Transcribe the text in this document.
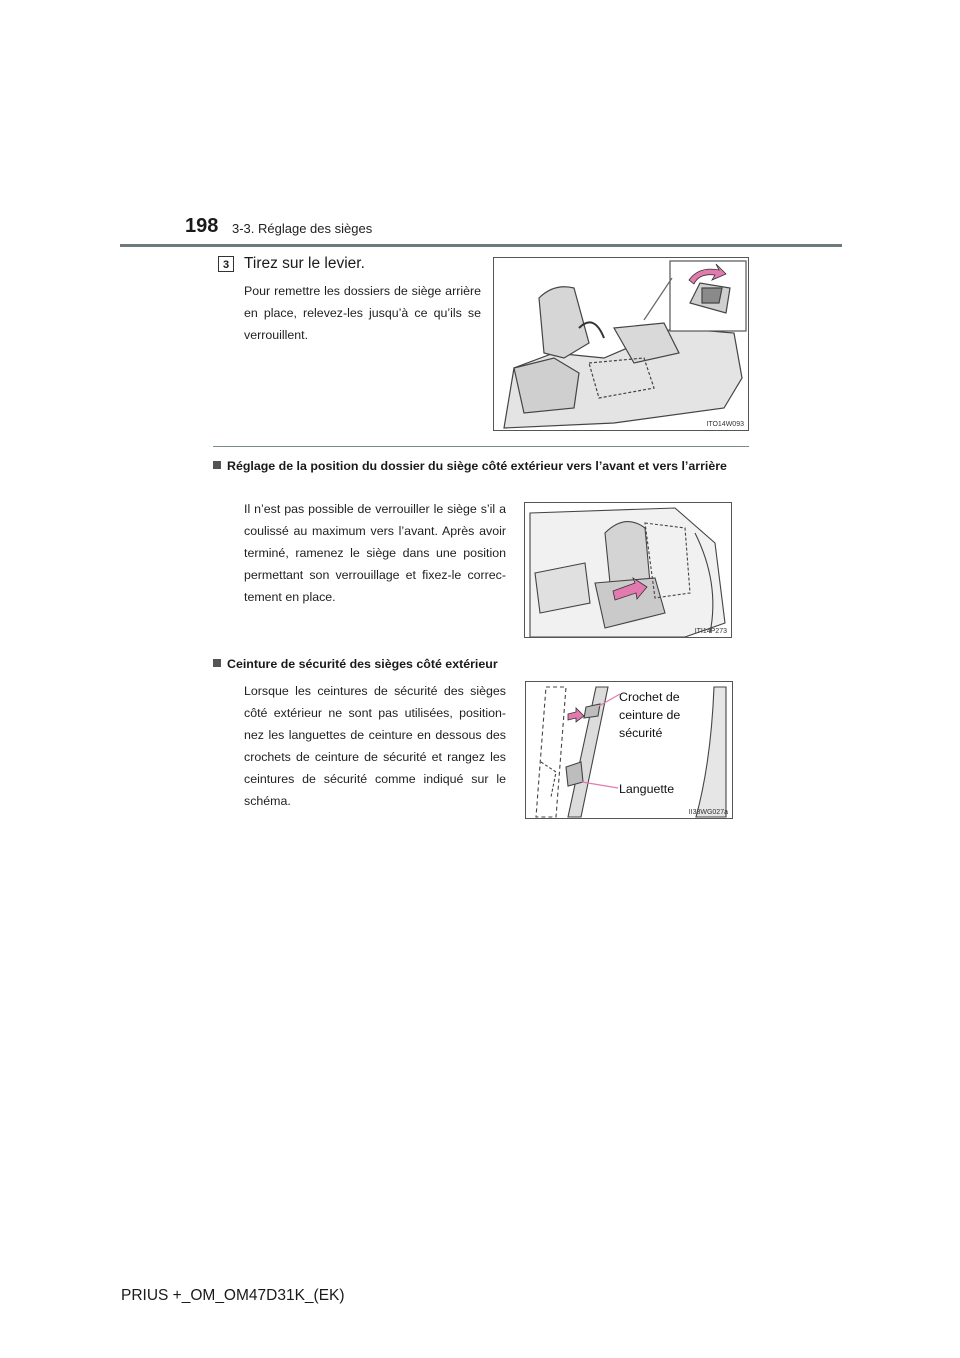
198 3-3. Réglage des sièges
3 Tirez sur le levier.
Pour remettre les dossiers de siège arrière en place, relevez-les jusqu’à ce qu’ils se verrouillent.
ITO14W093
Réglage de la position du dossier du siège côté extérieur vers l’avant et vers l’arrière
Il n’est pas possible de verrouiller le siège s’il a coulissé au maximum vers l’avant. Après avoir terminé, ramenez le siège dans une position permettant son verrouillage et fixez-le correc-tement en place.
ITI14P273
Ceinture de sécurité des sièges côté extérieur
Lorsque les ceintures de sécurité des sièges côté extérieur ne sont pas utilisées, position-nez les languettes de ceinture en dessous des crochets de ceinture de sécurité et rangez les ceintures de sécurité comme indiqué sur le schéma.
Crochet de ceinture de sécurité
Languette
II33WG027a
PRIUS +_OM_OM47D31K_(EK)
